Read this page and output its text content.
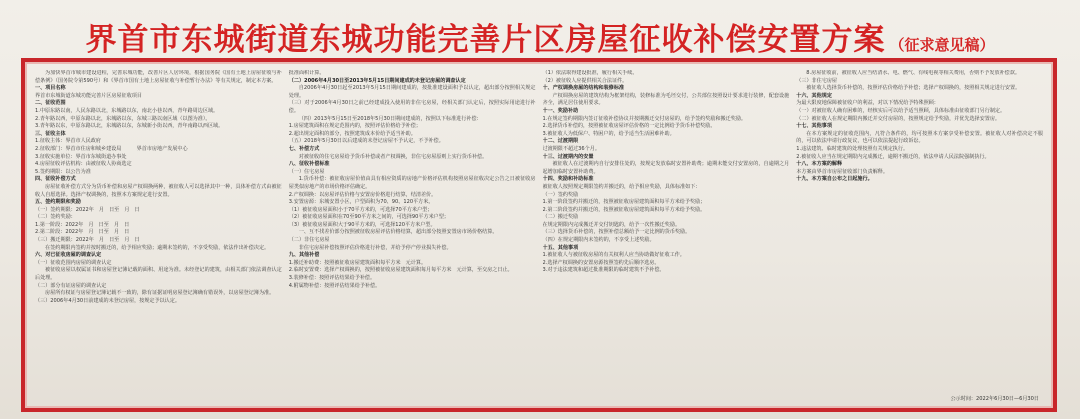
界首市东城街道东城功能完善片区房屋征收补偿安置方案 （征求意见稿）

为加快界首市城市建设进程，完善东城功能，改善片区人居环境，根据国务院《国有土地上房屋征收与补偿条例》（国务院令第590号）和《界首市国有土地上房屋征收与补偿暂行办法》等有关规定，制定本方案。

一、项目名称

界首市东城街道东城功能完善片区房屋征收项目

二、征收范围

1.中原东路以南，人民东路以北，东城路以东，南北小巷以西，青年路周边区域。

2.青年路以西，中原东路以北，东城路以东，东城三路以南区域（以图为准）。

3.青年路以东，中原东路以北，东城路以东，东城新小街以西，青年南路以西区域。

三、征收主体

1.征收主体：界首市人民政府

2.征收部门：界首市住房和城乡建设局　　　界首市房地产发展中心

3.征收实施单位：界首市东城街道办事处

4.房屋征收评估机构：由被征收人协商选定

5.签约期限：以公告为准

四、征收补偿方式

房屋征收补偿方式分为货币补偿和房屋产权调换两种，被征收人可以选择其中一种，具体补偿方式由被征收人自愿选择。选择产权调换的，按照本方案规定进行安置。

五、签约期限和奖励

（一）签约期限：2022年　月　日至　月　日

（二）签约奖励：

1.第一阶段：2022年　月　日至　月　日

2.第二阶段：2022年　月　日至　月　日

（三）搬迁期限：2022年　月　日至　月　日

在签约期限内签约并按时搬迁的，给予相应奖励；逾期未签约的，不享受奖励，依法作出补偿决定。

六、对已征收房屋的调查认定

（一）征收范围内房屋的调查认定

被征收房屋以权属证书和房屋登记簿记载的面积、用途为准。未经登记的建筑，由相关部门依法调查认定后处理。

（二）部分有证房屋的调查认定

房屋所有权证与房屋登记簿记载不一致的，除有证据证明房屋登记簿确有错误外，以房屋登记簿为准。

（三）2006年4月30日前建成的未登记房屋，按规定予以认定。

批准面积计算。

（二）2006年4月30日至2013年5月15日期间建成的未登记房屋的调查认定

自2006年4月30日起至2013年5月15日期间建成的，按批准建设面积予以认定，超出部分按照相关规定处理。

（三）对于2006年4月30日之前已经建成投入使用的非住宅房屋，经相关部门认定后，按照实际用途进行补偿。

（四）2013年5月15日至2018年5月30日期间建成的，按照以下标准进行补偿：

1.房屋建筑面积在规定范围内的，按照评估价格给予补偿；

2.超出规定面积的部分，按照建筑成本价给予适当补助。

（五）2018年5月30日以后建成的未登记房屋不予认定，不予补偿。

七、补偿方式

对被征收的住宅房屋给予货币补偿或者产权调换，非住宅房屋原则上实行货币补偿。

八、征收补偿标准

（一）住宅房屋

1.货币补偿：被征收房屋价值由具有相应资质的房地产价格评估机构按照房屋征收决定公告之日被征收房屋类似房地产的市场价格评估确定。

2.产权调换：以房屋评估价格与安置房价格进行结算，结清差价。

3.安置房源：东城安置小区，户型面积为70、90、120平方米。

（1）被征收房屋面积小于70平方米的，可选择70平方米户型；

（2）被征收房屋面积在70至90平方米之间的，可选择90平方米户型；

（3）被征收房屋面积大于90平方米的，可选择120平方米户型。

一、互不找差价部分按照被征收房屋评估价格结算，超出部分按照安置房市场价格结算。

（二）非住宅房屋

非住宅房屋补偿按照评估价格进行补偿，并给予停产停业损失补偿。

九、其他补偿

1.搬迁补助费：按照被征收房屋建筑面积每平方米　元计算。

2.临时安置费：选择产权调换的，按照被征收房屋建筑面积每月每平方米　元计算，至交房之日止。

3.装修补偿：按照评估结果给予补偿。

4.附属物补偿：按照评估结果给予补偿。

（1）依法取得建设批准，履行相关手续。

（2）被征收人应提供相关合法证件。

十、产权调换房屋的结构和装修标准

产权调换房屋的建筑结构为框架结构，装修标准为毛坯交付，公共部位按照设计要求进行装修，配套设施齐全，满足居住使用要求。

十一、奖励补助

1.在规定签约期限内签订征收补偿协议并按期搬迁交付房屋的，给予签约奖励和搬迁奖励。

2.选择货币补偿的，按照被征收房屋评估价格的一定比例给予货币补偿奖励。

3.被征收人为低保户、特困户的，给予适当生活困难补助。

十二、过渡期限

过渡期限不超过36个月。

十三、过渡期内的安置

被征收人在过渡期内自行安排住处的，按规定发放临时安置补助费；逾期未能交付安置房的，自逾期之月起增加临时安置补助费。

十四、奖励和补助标准

被征收人按照规定期限签约并搬迁的，给予相应奖励，具体标准如下：

（一）签约奖励

1.第一阶段签约并搬迁的，按照被征收房屋建筑面积每平方米给予奖励；

2.第二阶段签约并搬迁的，按照被征收房屋建筑面积每平方米给予奖励。

（二）搬迁奖励

在规定期限内完成搬迁并交付钥匙的，给予一次性搬迁奖励。

（三）选择货币补偿的，按照补偿总额给予一定比例的货币奖励。

（四）在规定期限内未签约的，不享受上述奖励。

十五、其他事项

1.被征收人与被征收房屋的有关权利人应当协助做好征收工作。

2.选择产权调换的安置房源按照签约先后顺序选房。

3.对于违法建筑和超过批准期限的临时建筑不予补偿。

8.房屋征收前，被征收人应当结清水、电、燃气、有线电视等相关费用，否则不予发放补偿款。

（三）非住宅房屋

被征收人选择货币补偿的，按照评估价格给予补偿；选择产权调换的，按照相关规定进行安置。

十六、其他规定

为最大限度地保障被征收户的利益，对以下情况给予特殊照顾：

（一）对被征收人确有困难的，经核实后可以给予适当照顾，具体标准由征收部门另行制定。

（二）被征收人在规定期限内搬迁并交付房屋的，按照规定给予奖励，并优先选择安置房。

十七、其他事项

在本方案规定的征收范围内，凡符合条件的，均可按照本方案享受补偿安置。被征收人对补偿决定不服的，可以依法申请行政复议，也可以依法提起行政诉讼。

1.违法建筑、临时建筑的处理按照有关规定执行。

2.被征收人应当在规定期限内完成搬迁，逾期不搬迁的，依法申请人民法院强制执行。

十八、本方案的解释

本方案由界首市房屋征收部门负责解释。

十九、本方案自公布之日起施行。

公示时间：2022年6月30日—6月30日
